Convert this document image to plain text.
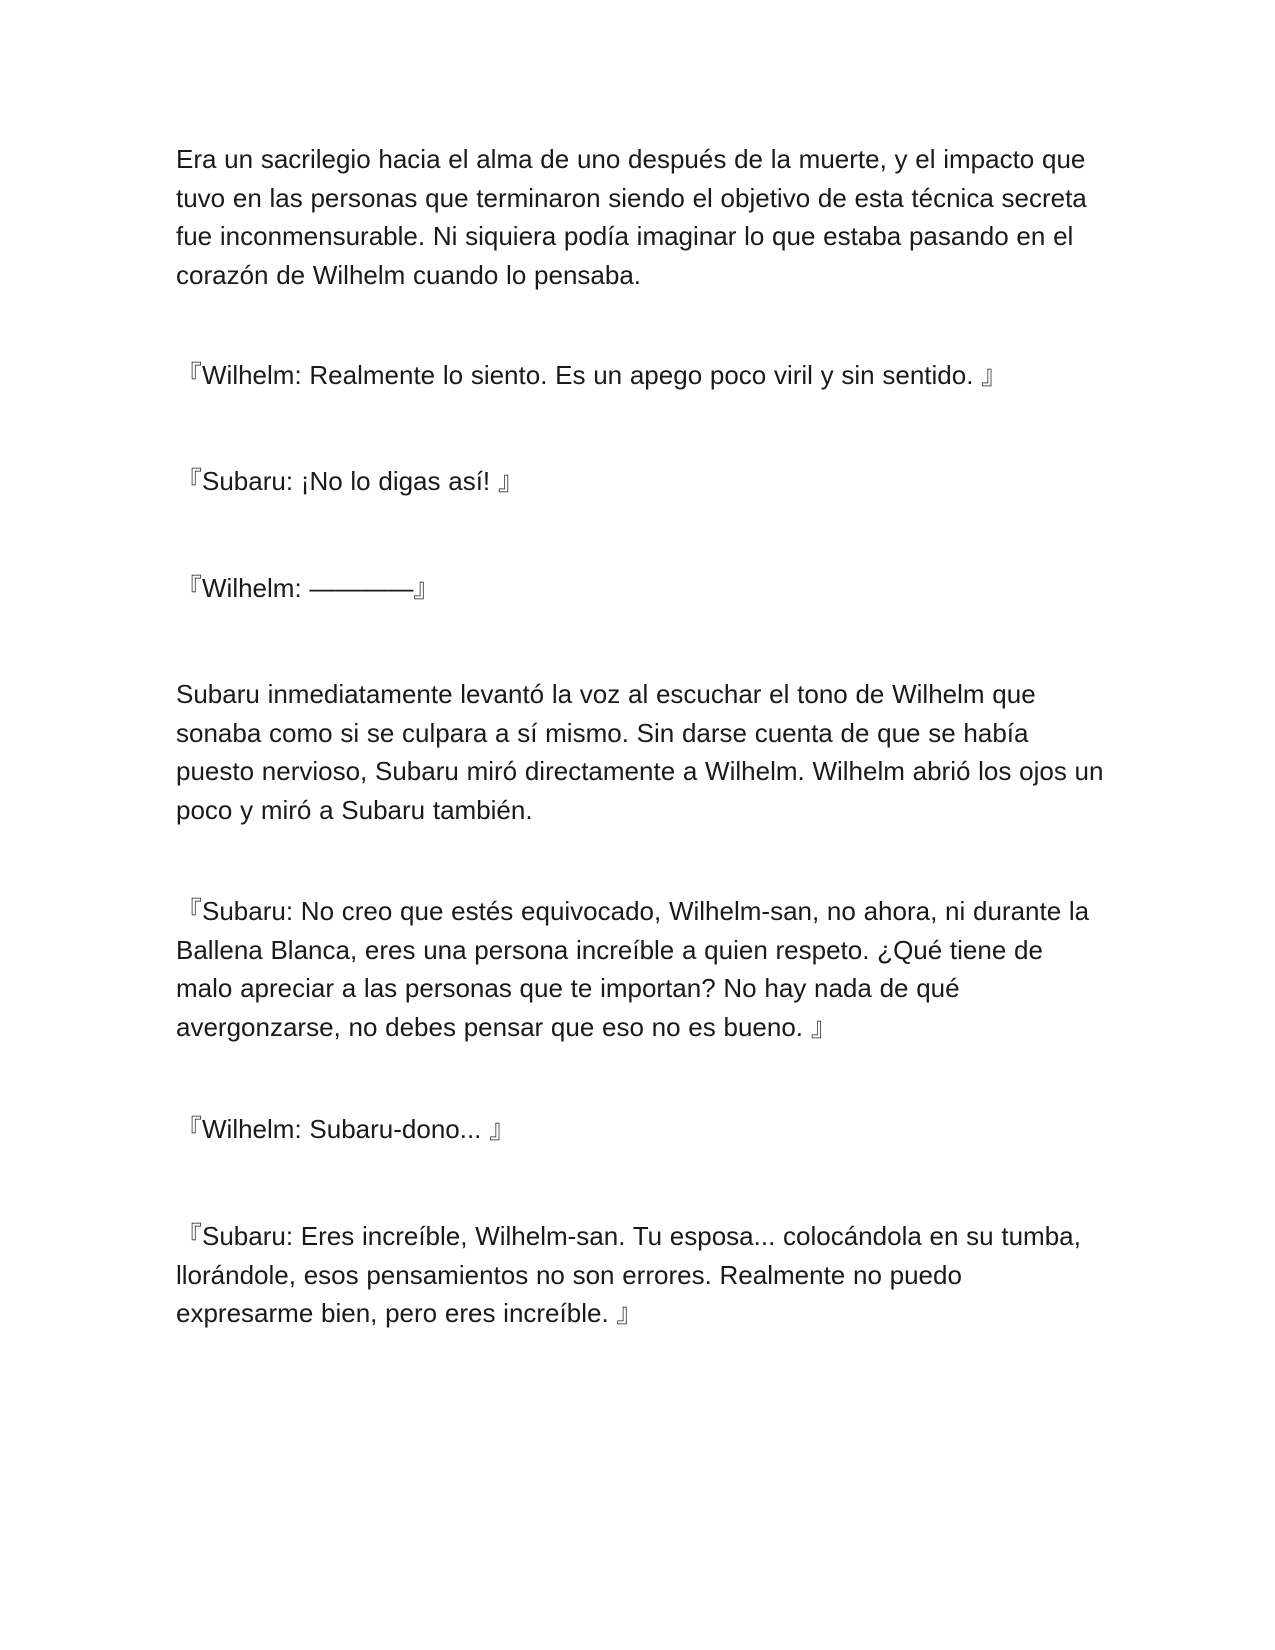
Era un sacrilegio hacia el alma de uno después de la muerte, y el impacto que tuvo en las personas que terminaron siendo el objetivo de esta técnica secreta fue inconmensurable. Ni siquiera podía imaginar lo que estaba pasando en el corazón de Wilhelm cuando lo pensaba.

『Wilhelm: Realmente lo siento. Es un apego poco viril y sin sentido. 』

『Subaru: ¡No lo digas así! 』

『Wilhelm: ————』

Subaru inmediatamente levantó la voz al escuchar el tono de Wilhelm que sonaba como si se culpara a sí mismo. Sin darse cuenta de que se había puesto nervioso, Subaru miró directamente a Wilhelm. Wilhelm abrió los ojos un poco y miró a Subaru también.

『Subaru: No creo que estés equivocado, Wilhelm-san, no ahora, ni durante la Ballena Blanca, eres una persona increíble a quien respeto. ¿Qué tiene de malo apreciar a las personas que te importan? No hay nada de qué avergonzarse, no debes pensar que eso no es bueno. 』

『Wilhelm: Subaru-dono... 』

『Subaru: Eres increíble, Wilhelm-san. Tu esposa... colocándola en su tumba, llorándole, esos pensamientos no son errores. Realmente no puedo expresarme bien, pero eres increíble. 』
